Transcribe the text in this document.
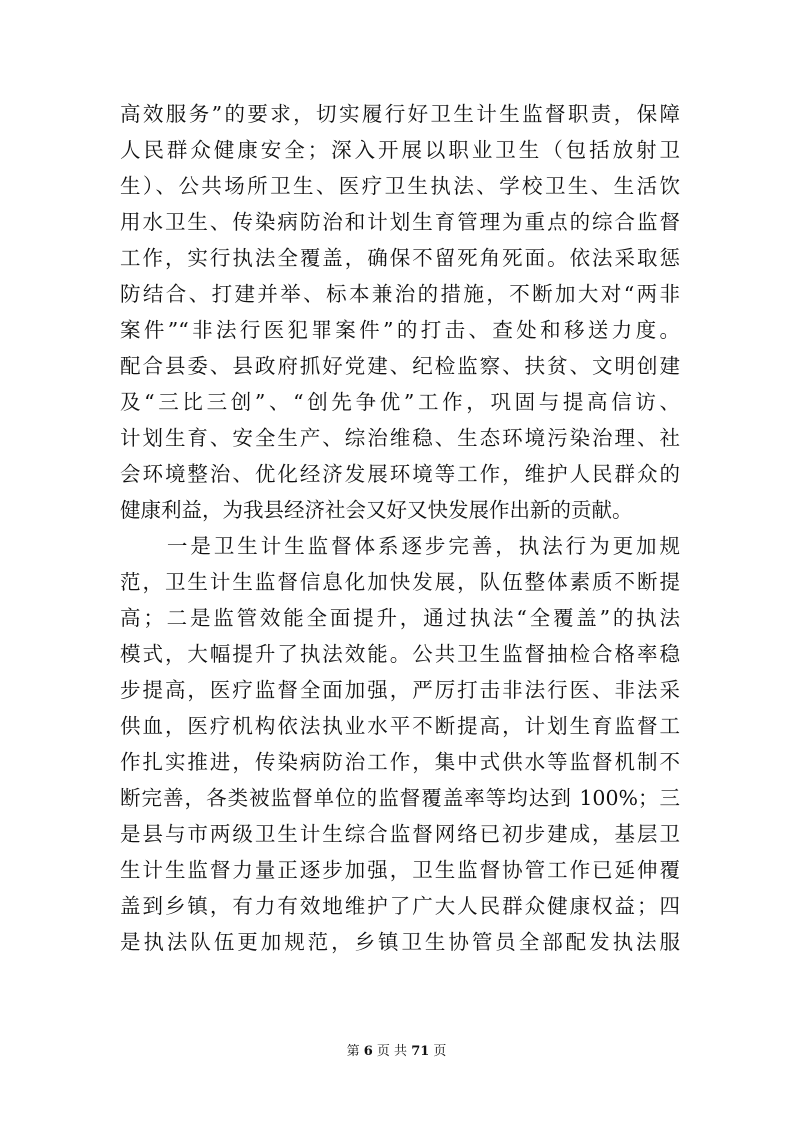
高效服务”的要求，切实履行好卫生计生监督职责，保障
人民群众健康安全；深入开展以职业卫生（包括放射卫
生）、公共场所卫生、医疗卫生执法、学校卫生、生活饮
用水卫生、传染病防治和计划生育管理为重点的综合监督
工作，实行执法全覆盖，确保不留死角死面。依法采取惩
防结合、打建并举、标本兼治的措施，不断加大对“两非
案件”“非法行医犯罪案件”的打击、查处和移送力度。
配合县委、县政府抓好党建、纪检监察、扶贫、文明创建
及“三比三创”、“创先争优”工作，巩固与提高信访、
计划生育、安全生产、综治维稳、生态环境污染治理、社
会环境整治、优化经济发展环境等工作，维护人民群众的
健康利益，为我县经济社会又好又快发展作出新的贡献。
　　一是卫生计生监督体系逐步完善，执法行为更加规
范，卫生计生监督信息化加快发展，队伍整体素质不断提
高；二是监管效能全面提升，通过执法“全覆盖”的执法
模式，大幅提升了执法效能。公共卫生监督抽检合格率稳
步提高，医疗监督全面加强，严厉打击非法行医、非法采
供血，医疗机构依法执业水平不断提高，计划生育监督工
作扎实推进，传染病防治工作，集中式供水等监督机制不
断完善，各类被监督单位的监督覆盖率等均达到 100%；三
是县与市两级卫生计生综合监督网络已初步建成，基层卫
生计生监督力量正逐步加强，卫生监督协管工作已延伸覆
盖到乡镇，有力有效地维护了广大人民群众健康权益；四
是执法队伍更加规范，乡镇卫生协管员全部配发执法服
第 6 页 共 71 页
